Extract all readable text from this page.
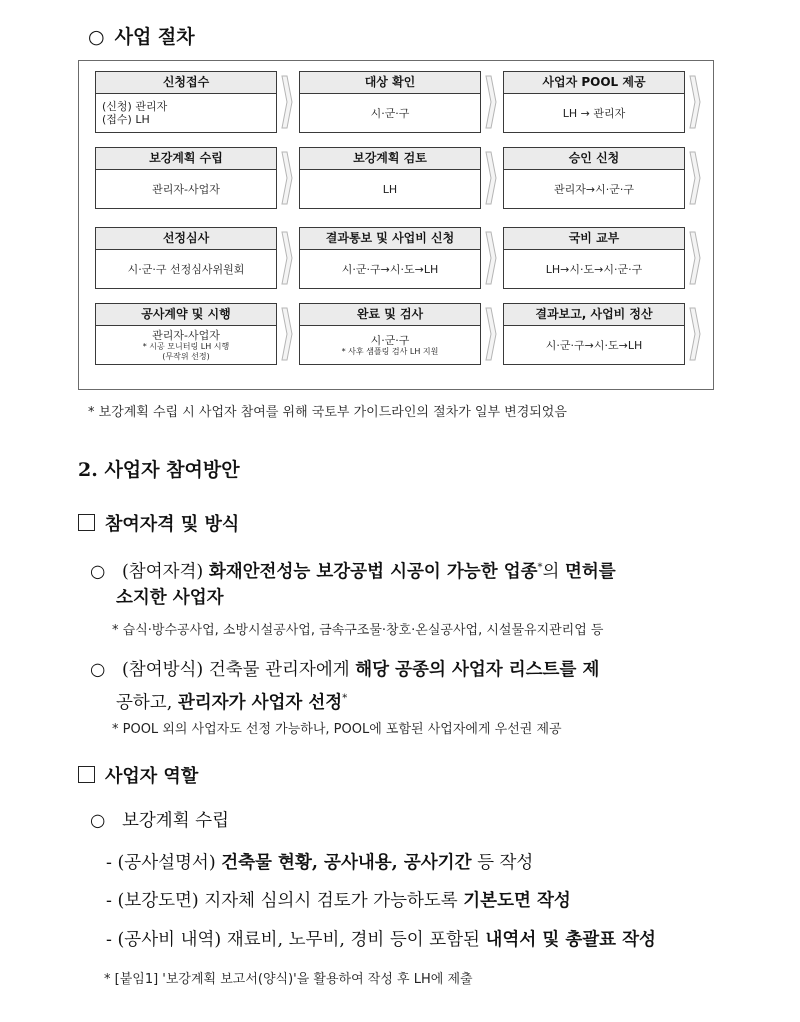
○ 사업 절차
신청접수
(신청) 관리자
(접수) LH
대상 확인
시·군·구
사업자 POOL 제공
LH → 관리자
보강계획 수립
관리자-사업자
보강계획 검토
LH
승인 신청
관리자→시·군·구
선정심사
시·군·구 선정심사위원회
결과통보 및 사업비 신청
시·군·구→시·도→LH
국비 교부
LH→시·도→시·군·구
공사계약 및 시행
관리자-사업자
* 시공 모니터링 LH 시행
(무작위 선정)
완료 및 검사
시·군·구
* 사후 샘플링 검사 LH 지원
결과보고, 사업비 정산
시·군·구→시·도→LH
* 보강계획 수립 시 사업자 참여를 위해 국토부 가이드라인의 절차가 일부 변경되었음
2. 사업자 참여방안
참여자격 및 방식
○ (참여자격) 화재안전성능 보강공법 시공이 가능한 업종*의 면허를
소지한 사업자
* 습식·방수공사업, 소방시설공사업, 금속구조물·창호·온실공사업, 시설물유지관리업 등
○ (참여방식) 건축물 관리자에게 해당 공종의 사업자 리스트를 제
공하고, 관리자가 사업자 선정*
* POOL 외의 사업자도 선정 가능하나, POOL에 포함된 사업자에게 우선권 제공
사업자 역할
○ 보강계획 수립
- (공사설명서) 건축물 현황, 공사내용, 공사기간 등 작성
- (보강도면) 지자체 심의시 검토가 가능하도록 기본도면 작성
- (공사비 내역) 재료비, 노무비, 경비 등이 포함된 내역서 및 총괄표 작성
* [붙임1] '보강계획 보고서(양식)'을 활용하여 작성 후 LH에 제출
